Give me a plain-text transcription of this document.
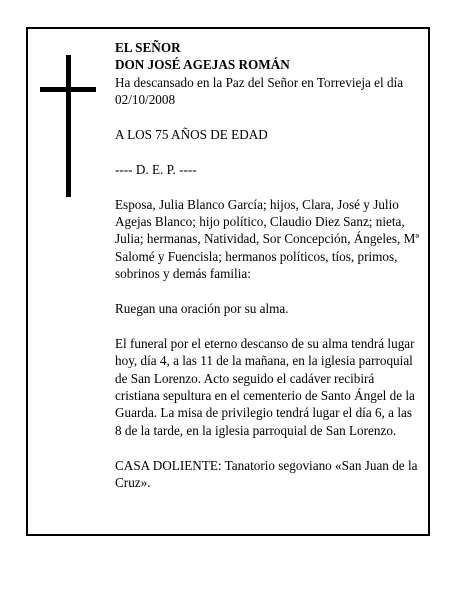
EL SEÑOR
DON JOSÉ AGEJAS ROMÁN

Ha descansado en la Paz del Señor en Torrevieja el día 02/10/2008

A LOS 75 AÑOS DE EDAD

---- D. E. P. ----

Esposa, Julia Blanco García; hijos, Clara, José y Julio Agejas Blanco; hijo político, Claudio Diez Sanz; nieta, Julia; hermanas, Natividad, Sor Concepción, Ángeles, Mª Salomé y Fuencisla; hermanos políticos, tíos, primos, sobrinos y demás familia:

Ruegan una oración por su alma.

El funeral por el eterno descanso de su alma tendrá lugar hoy, día 4, a las 11 de la mañana, en la iglesia parroquial de San Lorenzo. Acto seguido el cadáver recibirá cristiana sepultura en el cementerio de Santo Ángel de la Guarda. La misa de privilegio tendrá lugar el día 6, a las 8 de la tarde, en la iglesia parroquial de San Lorenzo.

CASA DOLIENTE: Tanatorio segoviano «San Juan de la Cruz».
